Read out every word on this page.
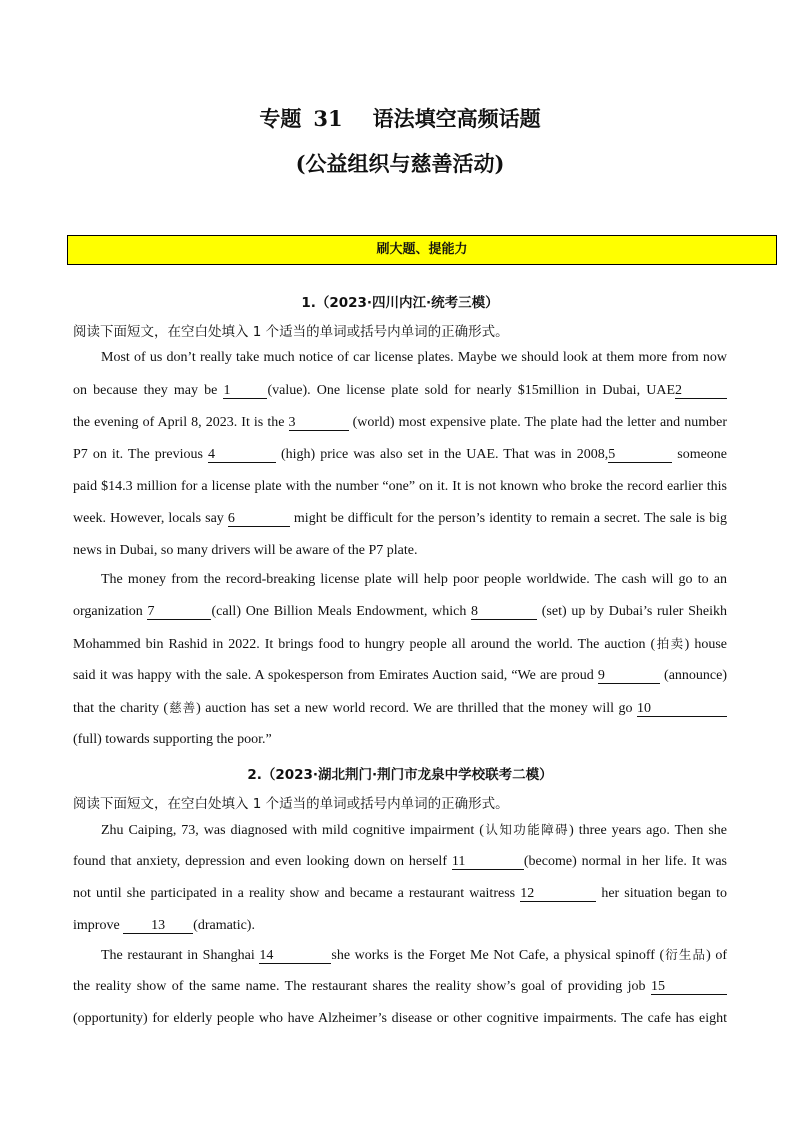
专题 31 语法填空高频话题
(公益组织与慈善活动)
刷大题、提能力
1.（2023·四川内江·统考三模）
阅读下面短文，在空白处填入 1 个适当的单词或括号内单词的正确形式。
Most of us don’t really take much notice of car license plates. Maybe we should look at them more from now
on because they may be 1	(value). One license plate sold for nearly $15million in Dubai, UAE2
the evening of April 8, 2023. It is the 3	(world) most expensive plate. The plate had the letter and number
P7 on it. The previous 4	(high) price was also set in the UAE. That was in 2008,5	someone
paid $14.3 million for a license plate with the number “one” on it. It is not known who broke the record earlier this
week. However, locals say 6	might be difficult for the person’s identity to remain a secret. The sale is big
news in Dubai, so many drivers will be aware of the P7 plate.
The money from the record-breaking license plate will help poor people worldwide. The cash will go to an
organization 7	(call) One Billion Meals Endowment, which 8	(set) up by Dubai’s ruler Sheikh
Mohammed bin Rashid in 2022. It brings food to hungry people all around the world. The auction (拍卖) house
said it was happy with the sale. A spokesperson from Emirates Auction said, “We are proud 9	(announce)
that the charity (慈善) auction has set a new world record. We are thrilled that the money will go 10
(full) towards supporting the poor.”
2.（2023·湖北荆门·荆门市龙泉中学校联考二模）
阅读下面短文，在空白处填入 1 个适当的单词或括号内单词的正确形式。
Zhu Caiping, 73, was diagnosed with mild cognitive impairment (认知功能障碍) three years ago. Then she
found that anxiety, depression and even looking down on herself 11	(become) normal in her life. It was
not until she participated in a reality show and became a restaurant waitress 12	her situation began to
improve 13 (dramatic).
The restaurant in Shanghai 14	she works is the Forget Me Not Cafe, a physical spinoff (衍生品) of
the reality show of the same name. The restaurant shares the reality show’s goal of providing job 15
(opportunity) for elderly people who have Alzheimer’s disease or other cognitive impairments. The cafe has eight
